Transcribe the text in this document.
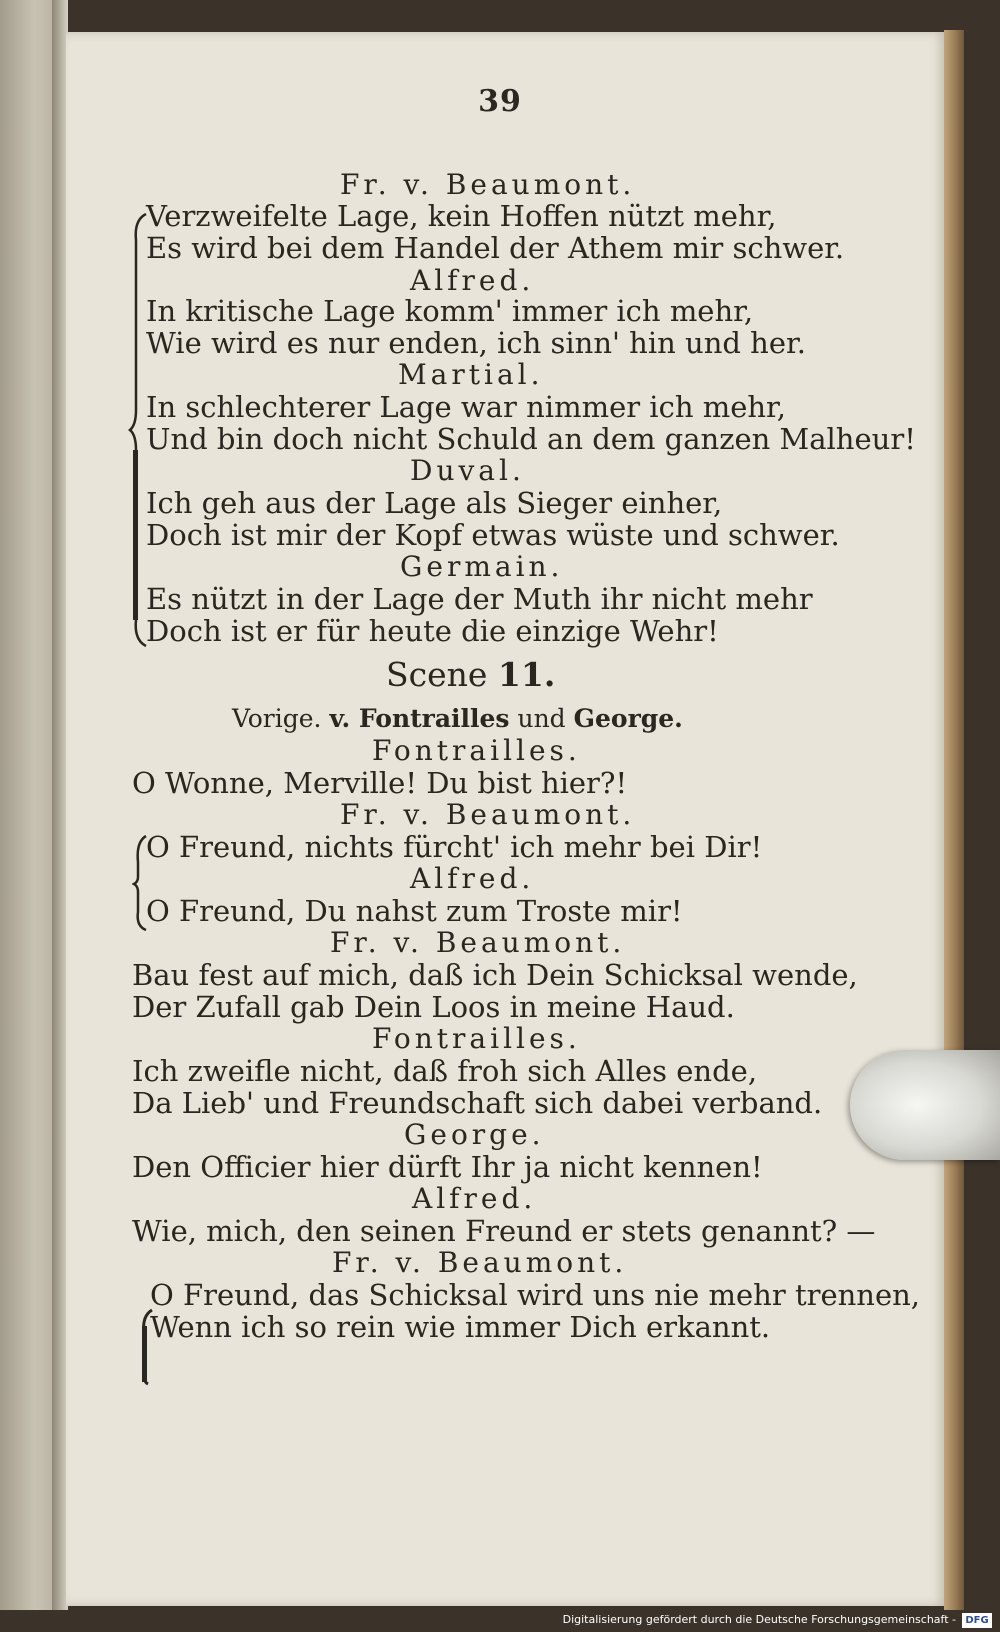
39
Fr. v. Beaumont.
Verzweifelte Lage, kein Hoffen nützt mehr,
Es wird bei dem Handel der Athem mir schwer.
Alfred.
In kritische Lage komm' immer ich mehr,
Wie wird es nur enden, ich sinn' hin und her.
Martial.
In schlechterer Lage war nimmer ich mehr,
Und bin doch nicht Schuld an dem ganzen Malheur!
Duval.
Ich geh aus der Lage als Sieger einher,
Doch ist mir der Kopf etwas wüste und schwer.
Germain.
Es nützt in der Lage der Muth ihr nicht mehr
Doch ist er für heute die einzige Wehr!
Fontrailles.
O Wonne, Merville! Du bist hier?!
Fr. v. Beaumont.
O Freund, nichts fürcht' ich mehr bei Dir!
Alfred.
O Freund, Du nahst zum Troste mir!
Fr. v. Beaumont.
Bau fest auf mich, daß ich Dein Schicksal wende,
Der Zufall gab Dein Loos in meine Haud.
Fontrailles.
Ich zweifle nicht, daß froh sich Alles ende,
Da Lieb' und Freundschaft sich dabei verband.
George.
Den Officier hier dürft Ihr ja nicht kennen!
Alfred.
Wie, mich, den seinen Freund er stets genannt? —
Fr. v. Beaumont.
O Freund, das Schicksal wird uns nie mehr trennen,
Wenn ich so rein wie immer Dich erkannt.
Scene 11.
Vorige. v. Fontrailles und George.
Digitalisierung gefördert durch die Deutsche Forschungsgemeinschaft - DFG
